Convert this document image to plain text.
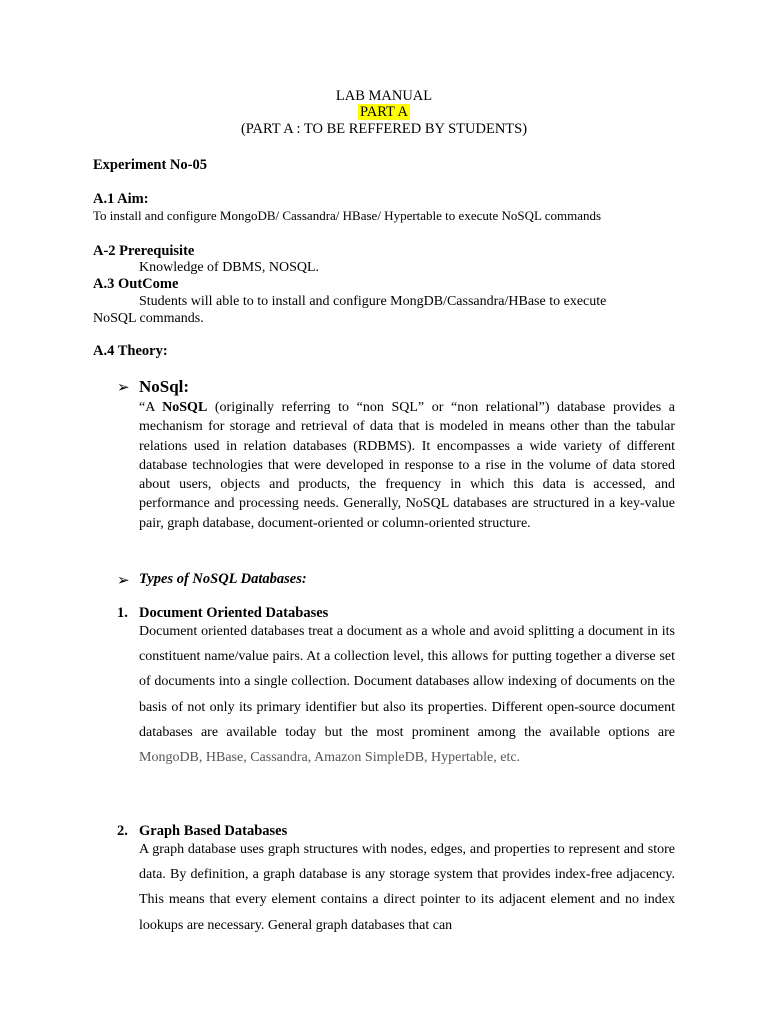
LAB MANUAL

PART A

(PART A : TO BE REFFERED BY STUDENTS)

Experiment No-05

A.1 Aim:

To install and configure MongoDB/ Cassandra/ HBase/ Hypertable to execute NoSQL commands

A-2 Prerequisite

Knowledge of DBMS, NOSQL.

A.3 OutCome

Students will able to to install and configure MongDB/Cassandra/HBase to execute

NoSQL commands.

A.4 Theory:

➢ NoSql:

“A NoSQL (originally referring to “non SQL” or “non relational”) database provides a mechanism for storage and retrieval of data that is modeled in means other than the tabular relations used in relation databases (RDBMS). It encompasses a wide variety of different database technologies that were developed in response to a rise in the volume of data stored about users, objects and products, the frequency in which this data is accessed, and performance and processing needs. Generally, NoSQL databases are structured in a key-value pair, graph database, document-oriented or column-oriented structure.

➢ Types of NoSQL Databases:

1. Document Oriented Databases

Document oriented databases treat a document as a whole and avoid splitting a document in its constituent name/value pairs. At a collection level, this allows for putting together a diverse set of documents into a single collection. Document databases allow indexing of documents on the basis of not only its primary identifier but also its properties. Different open-source document databases are available today but the most prominent among the available options are MongoDB, HBase, Cassandra, Amazon SimpleDB, Hypertable, etc.

2. Graph Based Databases

A graph database uses graph structures with nodes, edges, and properties to represent and store data. By definition, a graph database is any storage system that provides index-free adjacency. This means that every element contains a direct pointer to its adjacent element and no index lookups are necessary. General graph databases that can
